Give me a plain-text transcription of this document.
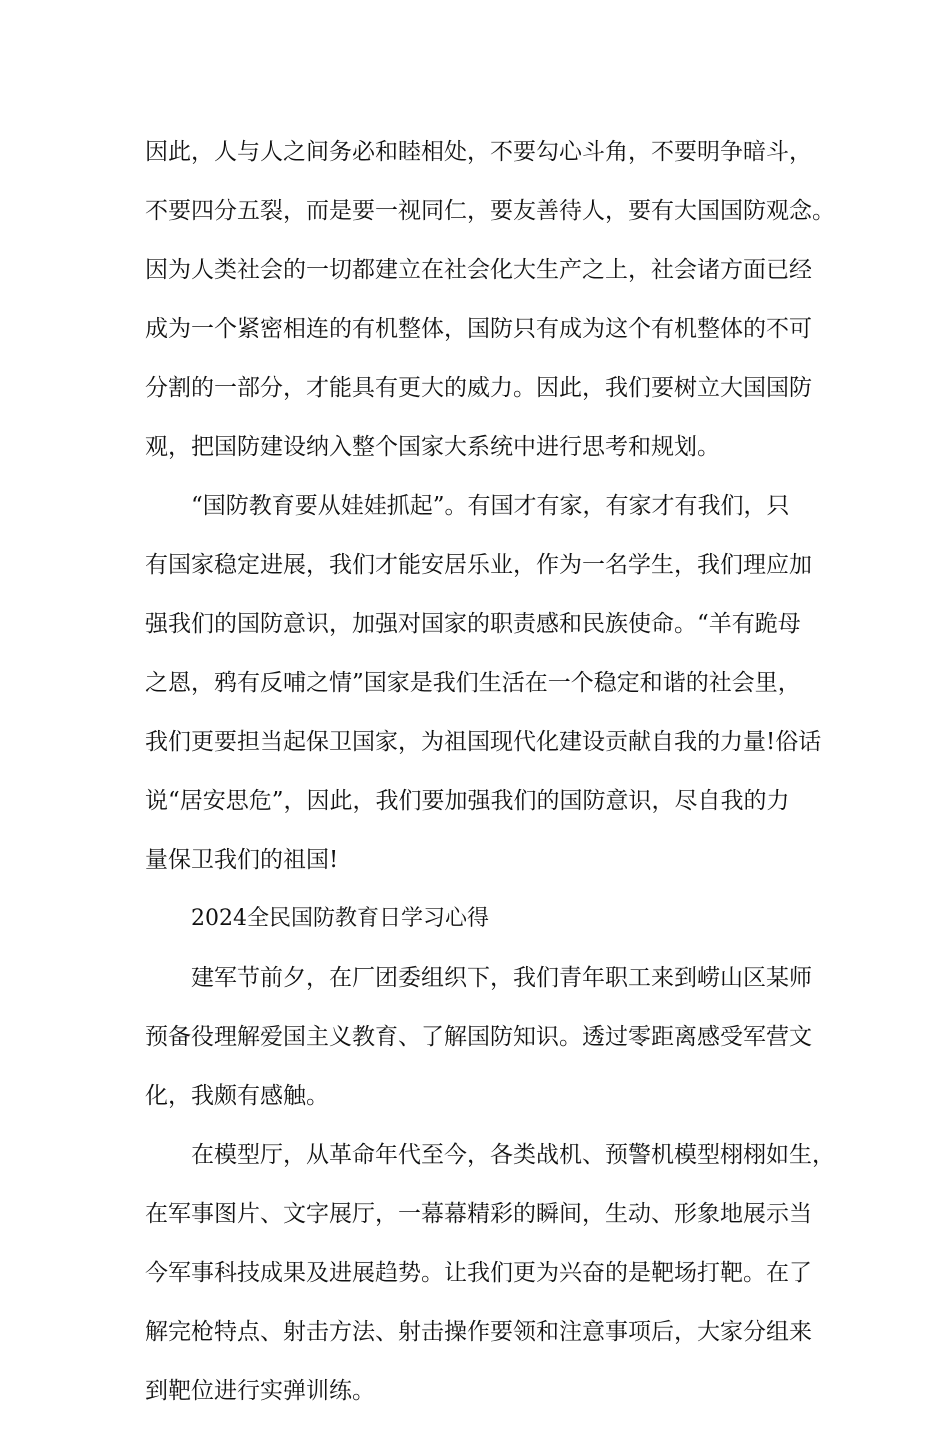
因此，人与人之间务必和睦相处，不要勾心斗角，不要明争暗斗，
不要四分五裂，而是要一视同仁，要友善待人，要有大国国防观念。
因为人类社会的一切都建立在社会化大生产之上，社会诸方面已经
成为一个紧密相连的有机整体，国防只有成为这个有机整体的不可
分割的一部分，才能具有更大的威力。因此，我们要树立大国国防
观，把国防建设纳入整个国家大系统中进行思考和规划。
“国防教育要从娃娃抓起”。有国才有家，有家才有我们，只
有国家稳定进展，我们才能安居乐业，作为一名学生，我们理应加
强我们的国防意识，加强对国家的职责感和民族使命。“羊有跪母
之恩，鸦有反哺之情”国家是我们生活在一个稳定和谐的社会里，
我们更要担当起保卫国家，为祖国现代化建设贡献自我的力量!俗话
说“居安思危”，因此，我们要加强我们的国防意识，尽自我的力
量保卫我们的祖国!
2024全民国防教育日学习心得
建军节前夕，在厂团委组织下，我们青年职工来到崂山区某师
预备役理解爱国主义教育、了解国防知识。透过零距离感受军营文
化，我颇有感触。
在模型厅，从革命年代至今，各类战机、预警机模型栩栩如生，
在军事图片、文字展厅，一幕幕精彩的瞬间，生动、形象地展示当
今军事科技成果及进展趋势。让我们更为兴奋的是靶场打靶。在了
解完枪特点、射击方法、射击操作要领和注意事项后，大家分组来
到靶位进行实弹训练。
